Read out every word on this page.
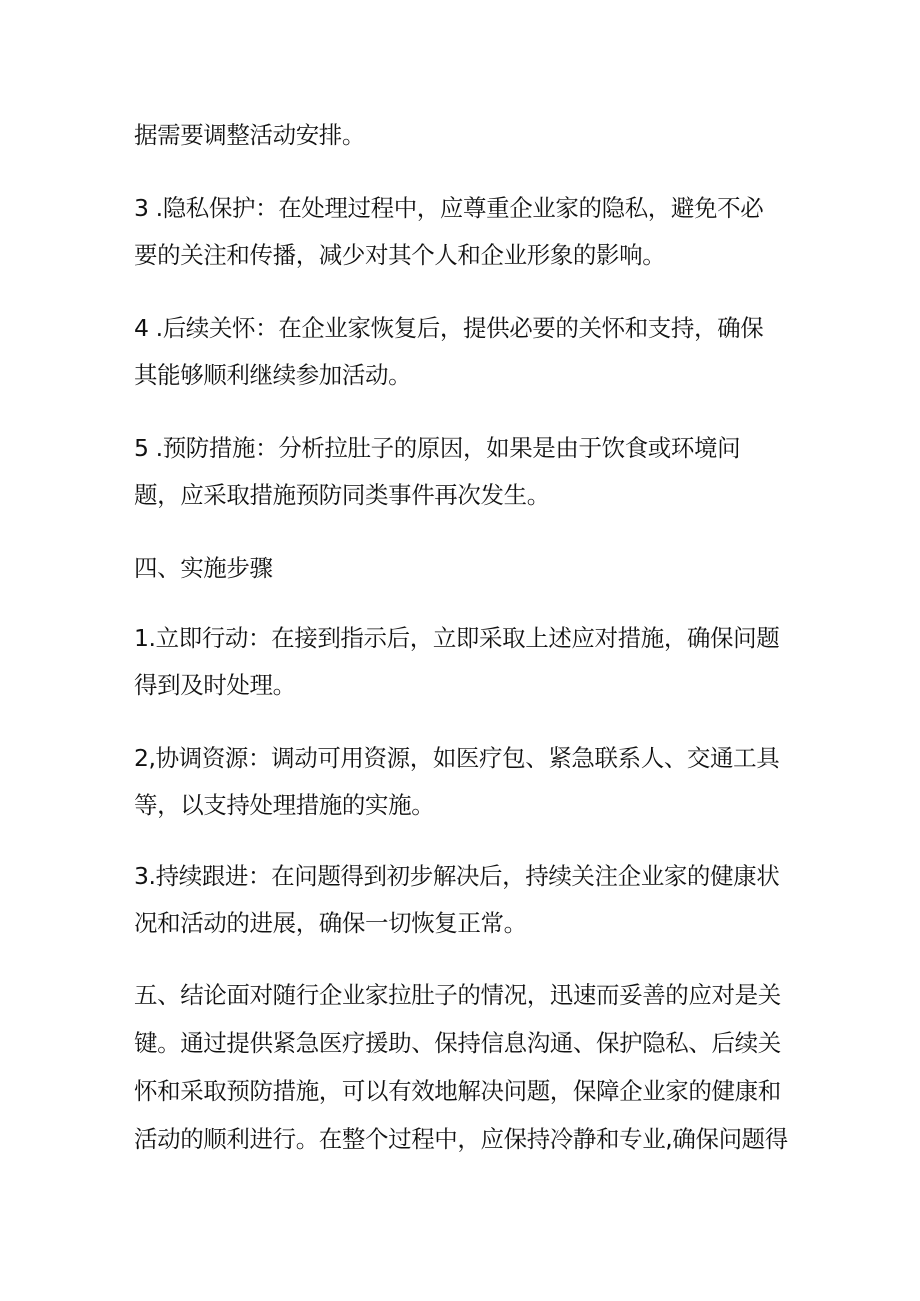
据需要调整活动安排。
3 .隐私保护：在处理过程中，应尊重企业家的隐私，避免不必
要的关注和传播，减少对其个人和企业形象的影响。
4 .后续关怀：在企业家恢复后，提供必要的关怀和支持，确保
其能够顺利继续参加活动。
5 .预防措施：分析拉肚子的原因，如果是由于饮食或环境问
题，应采取措施预防同类事件再次发生。
四、实施步骤
1.立即行动：在接到指示后，立即采取上述应对措施，确保问题
得到及时处理。
2,协调资源：调动可用资源，如医疗包、紧急联系人、交通工具
等，以支持处理措施的实施。
3.持续跟进：在问题得到初步解决后，持续关注企业家的健康状
况和活动的进展，确保一切恢复正常。
五、结论面对随行企业家拉肚子的情况，迅速而妥善的应对是关
键。通过提供紧急医疗援助、保持信息沟通、保护隐私、后续关
怀和采取预防措施，可以有效地解决问题，保障企业家的健康和
活动的顺利进行。在整个过程中，应保持冷静和专业,确保问题得
